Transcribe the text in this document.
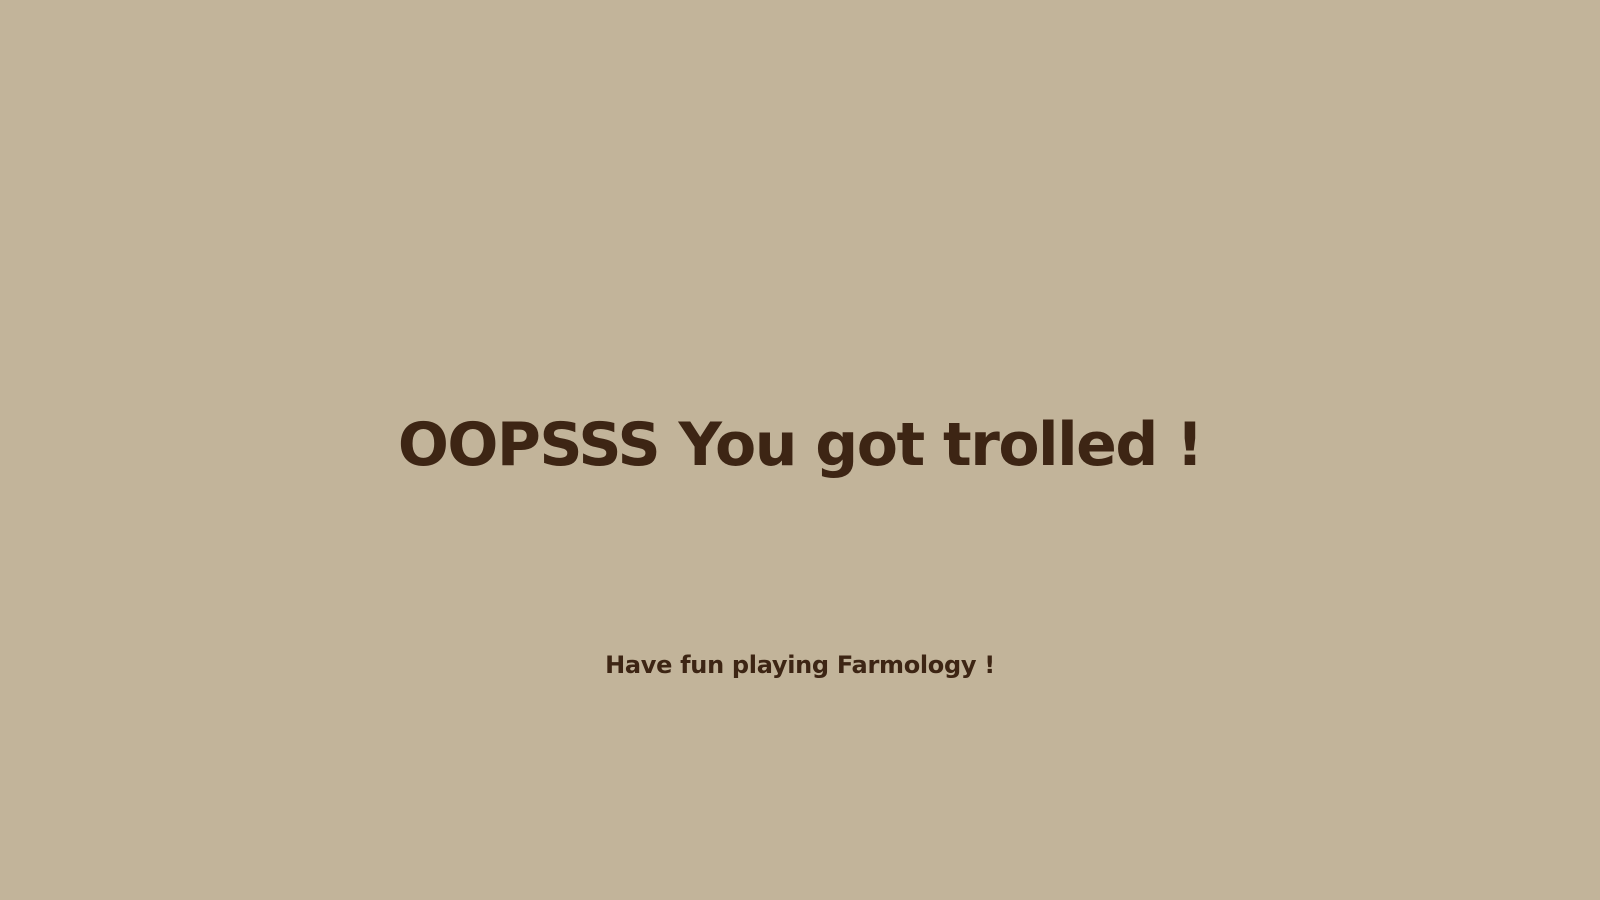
OOPSSS You got trolled !

Have fun playing Farmology !
